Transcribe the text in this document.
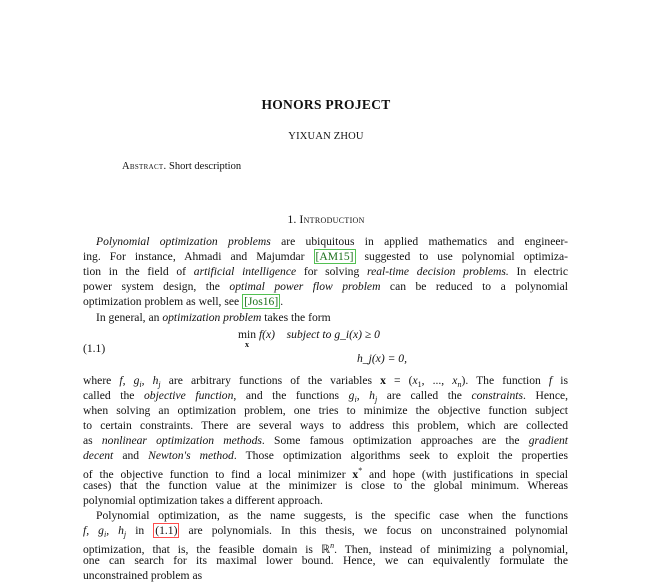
HONORS PROJECT
YIXUAN ZHOU
Abstract. Short description
1. Introduction
Polynomial optimization problems are ubiquitous in applied mathematics and engineer-
ing. For instance, Ahmadi and Majumdar [AM15] suggested to use polynomial optimiza-
tion in the field of artificial intelligence for solving real-time decision problems. In electric
power system design, the optimal power flow problem can be reduced to a polynomial
optimization problem as well, see [Jos16] .
In general, an optimization problem takes the form
(1.1)
min
x
f(x) subject to g_i(x) ≥ 0
h_j(x) = 0,
where f, $g_i$, $h_j$ are arbitrary functions of the variables $x = (x_1$, ..., $x_n$). The function f is
called the objective function, and the functions $g_i$, $h_j$ are called the constraints. Hence,
when solving an optimization problem, one tries to minimize the objective function subject
to certain constraints. There are several ways to address this problem, which are collected
as nonlinear optimization methods. Some famous optimization approaches are the gradient
decent and Newton's method. Those optimization algorithms seek to exploit the properties
of the objective function to find a local minimizer x* and hope (with justifications in special
cases) that the function value at the minimizer is close to the global minimum. Whereas
polynomial optimization takes a different approach.
Polynomial optimization, as the name suggests, is the specific case when the functions
f, $g_i$, $h_j$ in (1.1) are polynomials. In this thesis, we focus on unconstrained polynomial
optimization, that is, the feasible domain is ℝ$^n$. Then, instead of minimizing a polynomial,
one can search for its maximal lower bound. Hence, we can equivalently formulate the
unconstrained problem as
